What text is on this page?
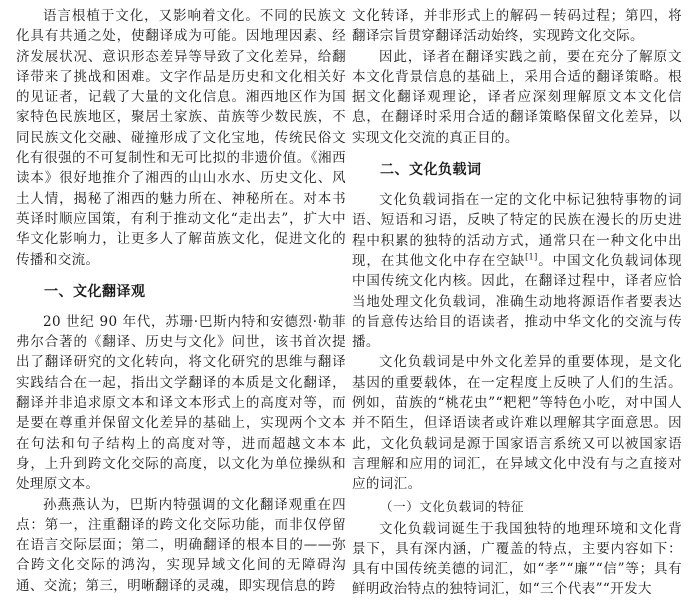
语言根植于文化，又影响着文化。不同的民族文化具有共通之处，使翻译成为可能。因地理因素、经济发展状况、意识形态差异等导致了文化差异，给翻译带来了挑战和困难。文字作品是历史和文化相关好的见证者，记载了大量的文化信息。湘西地区作为国家特色民族地区，聚居土家族、苗族等少数民族，不同民族文化交融、碰撞形成了文化宝地，传统民俗文化有很强的不可复制性和无可比拟的非遗价值。《湘西读本》很好地推介了湘西的山山水水、历史文化、风土人情，揭秘了湘西的魅力所在、神秘所在。对本书英译时顺应国策，有利于推动文化“走出去”，扩大中华文化影响力，让更多人了解苗族文化，促进文化的传播和交流。

一、文化翻译观

20 世纪 90 年代，苏珊·巴斯内特和安德烈·勒菲弗尔合著的《翻译、历史与文化》问世，该书首次提出了翻译研究的文化转向，将文化研究的思维与翻译实践结合在一起，指出文学翻译的本质是文化翻译，翻译并非追求原文本和译文本形式上的高度对等，而是要在尊重并保留文化差异的基础上，实现两个文本在句法和句子结构上的高度对等，进而超越文本本身，上升到跨文化交际的高度，以文化为单位操纵和处理原文本。

孙燕燕认为，巴斯内特强调的文化翻译观重在四点：第一，注重翻译的跨文化交际功能，而非仅停留在语言交际层面；第二，明确翻译的根本目的——弥合跨文化交际的鸿沟，实现异域文化间的无障碍沟通、交流；第三，明晰翻译的灵魂，即实现信息的跨

文化转译，并非形式上的解码－转码过程；第四，将翻译宗旨贯穿翻译活动始终，实现跨文化交际。

因此，译者在翻译实践之前，要在充分了解原文本文化背景信息的基础上，采用合适的翻译策略。根据文化翻译观理论，译者应深刻理解原文本文化信息，在翻译时采用合适的翻译策略保留文化差异，以实现文化交流的真正目的。

二、文化负载词

文化负载词指在一定的文化中标记独特事物的词语、短语和习语，反映了特定的民族在漫长的历史进程中积累的独特的活动方式，通常只在一种文化中出现，在其他文化中存在空缺[1]。中国文化负载词体现中国传统文化内核。因此，在翻译过程中，译者应恰当地处理文化负载词，准确生动地将源语作者要表达的旨意传达给目的语读者，推动中华文化的交流与传播。

文化负载词是中外文化差异的重要体现，是文化基因的重要载体，在一定程度上反映了人们的生活。例如，苗族的“桃花虫”“粑粑”等特色小吃，对中国人并不陌生，但译语读者或许难以理解其字面意思。因此，文化负载词是源于国家语言系统又可以被国家语言理解和应用的词汇，在异域文化中没有与之直接对应的词汇。

（一）文化负载词的特征

文化负载词诞生于我国独特的地理环境和文化背景下，具有深内涵，广覆盖的特点，主要内容如下：具有中国传统美德的词汇，如“孝”“廉”“信”等；具有鲜明政治特点的独特词汇，如“三个代表”“开发大
